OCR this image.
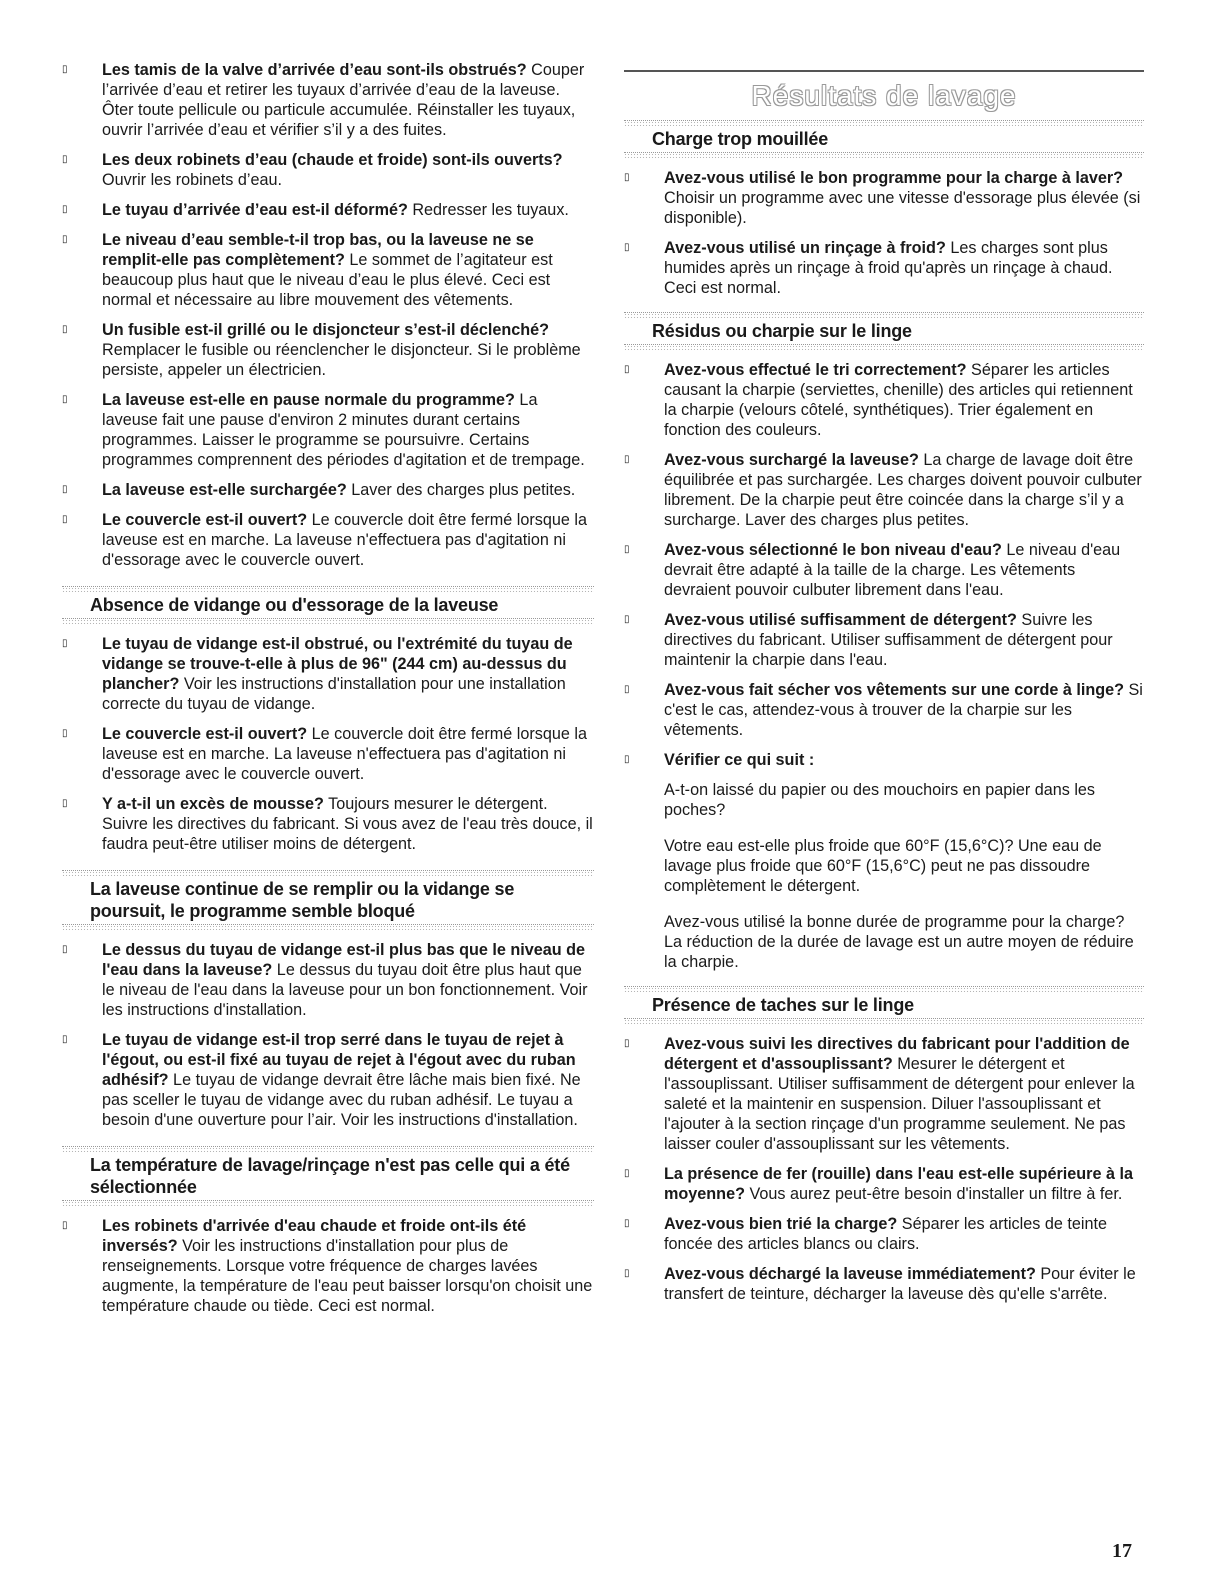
▯	Les tamis de la valve d’arrivée d’eau sont-ils obstrués? Couper l’arrivée d’eau et retirer les tuyaux d’arrivée d’eau de la laveuse. Ôter toute pellicule ou particule accumulée. Réinstaller les tuyaux, ouvrir l’arrivée d’eau et vérifier s’il y a des fuites.
▯	Les deux robinets d’eau (chaude et froide) sont-ils ouverts? Ouvrir les robinets d’eau.
▯	Le tuyau d’arrivée d’eau est-il déformé? Redresser les tuyaux.
▯	Le niveau d’eau semble-t-il trop bas, ou la laveuse ne se remplit-elle pas complètement? Le sommet de l’agitateur est beaucoup plus haut que le niveau d’eau le plus élevé. Ceci est normal et nécessaire au libre mouvement des vêtements.
▯	Un fusible est-il grillé ou le disjoncteur s’est-il déclenché? Remplacer le fusible ou réenclencher le disjoncteur. Si le problème persiste, appeler un électricien.
▯	La laveuse est-elle en pause normale du programme? La laveuse fait une pause d'environ 2 minutes durant certains programmes. Laisser le programme se poursuivre. Certains programmes comprennent des périodes d'agitation et de trempage.
▯	La laveuse est-elle surchargée? Laver des charges plus petites.
▯	Le couvercle est-il ouvert? Le couvercle doit être fermé lorsque la laveuse est en marche. La laveuse n'effectuera pas d'agitation ni d'essorage avec le couvercle ouvert.
Absence de vidange ou d'essorage de la laveuse
▯	Le tuyau de vidange est-il obstrué, ou l'extrémité du tuyau de vidange se trouve-t-elle à plus de 96" (244 cm) au-dessus du plancher? Voir les instructions d'installation pour une installation correcte du tuyau de vidange.
▯	Le couvercle est-il ouvert? Le couvercle doit être fermé lorsque la laveuse est en marche. La laveuse n'effectuera pas d'agitation ni d'essorage avec le couvercle ouvert.
▯	Y a-t-il un excès de mousse? Toujours mesurer le détergent. Suivre les directives du fabricant. Si vous avez de l'eau très douce, il faudra peut-être utiliser moins de détergent.
La laveuse continue de se remplir ou la vidange se poursuit, le programme semble bloqué
▯	Le dessus du tuyau de vidange est-il plus bas que le niveau de l'eau dans la laveuse? Le dessus du tuyau doit être plus haut que le niveau de l'eau dans la laveuse pour un bon fonctionnement. Voir les instructions d'installation.
▯	Le tuyau de vidange est-il trop serré dans le tuyau de rejet à l'égout, ou est-il fixé au tuyau de rejet à l'égout avec du ruban adhésif? Le tuyau de vidange devrait être lâche mais bien fixé. Ne pas sceller le tuyau de vidange avec du ruban adhésif. Le tuyau a besoin d'une ouverture pour l’air. Voir les instructions d'installation.
La température de lavage/rinçage n'est pas celle qui a été sélectionnée
▯	Les robinets d'arrivée d'eau chaude et froide ont-ils été inversés? Voir les instructions d'installation pour plus de renseignements. Lorsque votre fréquence de charges lavées augmente, la température de l'eau peut baisser lorsqu'on choisit une température chaude ou tiède. Ceci est normal.
Résultats de lavage
Charge trop mouillée
▯	Avez-vous utilisé le bon programme pour la charge à laver? Choisir un programme avec une vitesse d'essorage plus élevée (si disponible).
▯	Avez-vous utilisé un rinçage à froid? Les charges sont plus humides après un rinçage à froid qu'après un rinçage à chaud. Ceci est normal.
Résidus ou charpie sur le linge
▯	Avez-vous effectué le tri correctement? Séparer les articles causant la charpie (serviettes, chenille) des articles qui retiennent la charpie (velours côtelé, synthétiques). Trier également en fonction des couleurs.
▯	Avez-vous surchargé la laveuse? La charge de lavage doit être équilibrée et pas surchargée. Les charges doivent pouvoir culbuter librement. De la charpie peut être coincée dans la charge s’il y a surcharge. Laver des charges plus petites.
▯	Avez-vous sélectionné le bon niveau d'eau? Le niveau d'eau devrait être adapté à la taille de la charge. Les vêtements devraient pouvoir culbuter librement dans l'eau.
▯	Avez-vous utilisé suffisamment de détergent? Suivre les directives du fabricant. Utiliser suffisamment de détergent pour maintenir la charpie dans l'eau.
▯	Avez-vous fait sécher vos vêtements sur une corde à linge? Si c'est le cas, attendez-vous à trouver de la charpie sur les vêtements.
▯	Vérifier ce qui suit :

A-t-on laissé du papier ou des mouchoirs en papier dans les poches?

Votre eau est-elle plus froide que 60°F (15,6°C)? Une eau de lavage plus froide que 60°F (15,6°C) peut ne pas dissoudre complètement le détergent.

Avez-vous utilisé la bonne durée de programme pour la charge? La réduction de la durée de lavage est un autre moyen de réduire la charpie.

Présence de taches sur le linge
▯	Avez-vous suivi les directives du fabricant pour l'addition de détergent et d'assouplissant? Mesurer le détergent et l'assouplissant. Utiliser suffisamment de détergent pour enlever la saleté et la maintenir en suspension. Diluer l'assouplissant et l'ajouter à la section rinçage d'un programme seulement. Ne pas laisser couler d'assouplissant sur les vêtements.
▯	La présence de fer (rouille) dans l'eau est-elle supérieure à la moyenne? Vous aurez peut-être besoin d'installer un filtre à fer.
▯	Avez-vous bien trié la charge? Séparer les articles de teinte foncée des articles blancs ou clairs.
▯	Avez-vous déchargé la laveuse immédiatement? Pour éviter le transfert de teinture, décharger la laveuse dès qu'elle s'arrête.
17
